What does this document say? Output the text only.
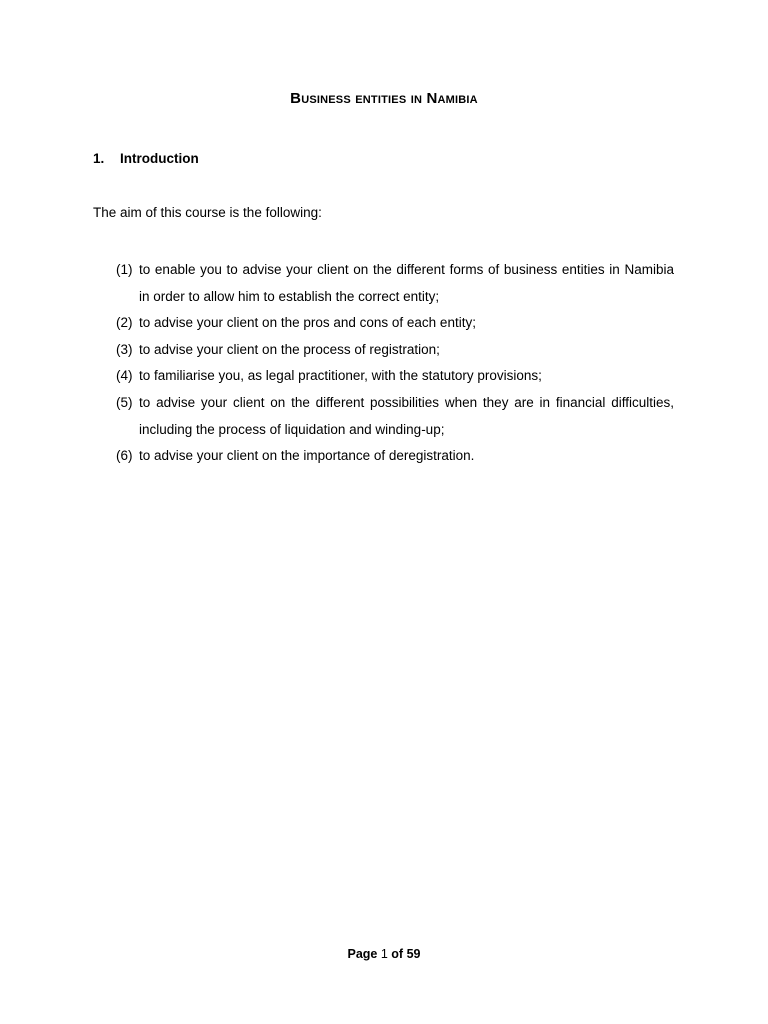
Business entities in Namibia
1. Introduction
The aim of this course is the following:
(1) to enable you to advise your client on the different forms of business entities in Namibia in order to allow him to establish the correct entity;
(2) to advise your client on the pros and cons of each entity;
(3) to advise your client on the process of registration;
(4) to familiarise you, as legal practitioner, with the statutory provisions;
(5) to advise your client on the different possibilities when they are in financial difficulties, including the process of liquidation and winding-up;
(6) to advise your client on the importance of deregistration.
Page 1 of 59
